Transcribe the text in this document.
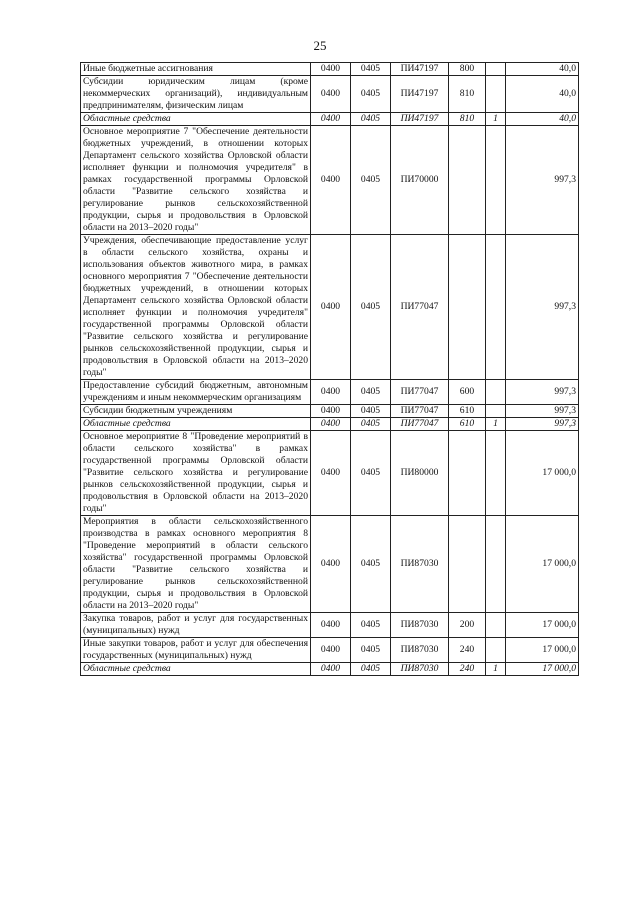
25
Иные бюджетные ассигнования	0400	0405	ПИ47197	800		40,0
Субсидии юридическим лицам (кроме некоммерческих организаций), индивидуальным предпринимателям, физическим лицам	0400	0405	ПИ47197	810		40,0
Областные средства	0400	0405	ПИ47197	810	1	40,0
Основное мероприятие 7 "Обеспечение деятельности бюджетных учреждений, в отношении которых Департамент сельского хозяйства Орловской области исполняет функции и полномочия учредителя" в рамках государственной программы Орловской области "Развитие сельского хозяйства и регулирование рынков сельскохозяйственной продукции, сырья и продовольствия в Орловской области на 2013–2020 годы"	0400	0405	ПИ70000			997,3
Учреждения, обеспечивающие предоставление услуг в области сельского хозяйства, охраны и использования объектов животного мира, в рамках основного мероприятия 7 "Обеспечение деятельности бюджетных учреждений, в отношении которых Департамент сельского хозяйства Орловской области исполняет функции и полномочия учредителя" государственной программы Орловской области "Развитие сельского хозяйства и регулирование рынков сельскохозяйственной продукции, сырья и продовольствия в Орловской области на 2013–2020 годы"	0400	0405	ПИ77047			997,3
Предоставление субсидий бюджетным, автономным учреждениям и иным некоммерческим организациям	0400	0405	ПИ77047	600		997,3
Субсидии бюджетным учреждениям	0400	0405	ПИ77047	610		997,3
Областные средства	0400	0405	ПИ77047	610	1	997,3
Основное мероприятие 8 "Проведение мероприятий в области сельского хозяйства" в рамках государственной программы Орловской области "Развитие сельского хозяйства и регулирование рынков сельскохозяйственной продукции, сырья и продовольствия в Орловской области на 2013–2020 годы"	0400	0405	ПИ80000			17 000,0
Мероприятия в области сельскохозяйственного производства в рамках основного мероприятия 8 "Проведение мероприятий в области сельского хозяйства" государственной программы Орловской области "Развитие сельского хозяйства и регулирование рынков сельскохозяйственной продукции, сырья и продовольствия в Орловской области на 2013–2020 годы"	0400	0405	ПИ87030			17 000,0
Закупка товаров, работ и услуг для государственных (муниципальных) нужд	0400	0405	ПИ87030	200		17 000,0
Иные закупки товаров, работ и услуг для обеспечения государственных (муниципальных) нужд	0400	0405	ПИ87030	240		17 000,0
Областные средства	0400	0405	ПИ87030	240	1	17 000,0
